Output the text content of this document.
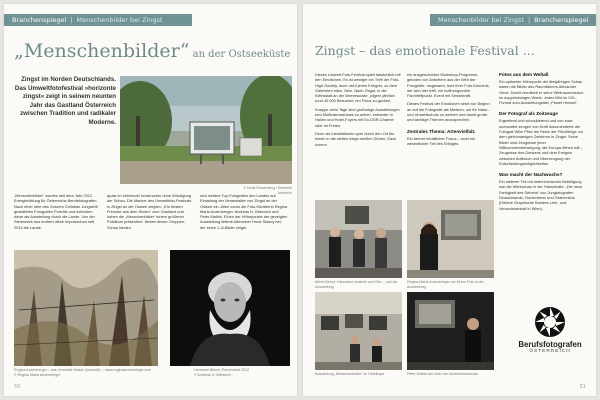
Branchenspiegel | Menschenbilder bei Zingst
„Menschenbilder“ an der Ostseeküste
Zingst im Norden Deutschlands. Das Umweltfotofestival »horizonte zingst« zeigt in seinem neunten Jahr das Gastland Österreich zwischen Tradition und radikaler Moderne.
© Horst Riesenberg / Diethelm Jemerich
„Menschenbilder“ wurden seit dem Jahr 2012 Energiebildung für Österreichs Berufsfotografen. Nach einer Idee des Grazers Christian Jungwirth gestalteten Fotografen Porträts und schickten diese als Ausstellung durch die Lande. Von der Steiermark aus erobert diese Impulsschau seit 2014 die Lande,
quasi en strichmaß Innsbrucker ohne Würdigung der Schau. Die Macher des Umweltfoto-Festivals in Zingst an der Ostsee zeigten: „Ein besten Freunde aus dem Süden“ zum Gastland und haben die „Menschenbilder“ einem größeren Publikum präsentiert. Neben dieser Gruppen-Schau fanden
sich weitere Top-Fotografen des Landes auf Einladung der Veranstalter von Zingst an der Ostsee ein. Allen voran die Foto-Künstlerin Regina Maria Anzenberger, Andreas H. Bitesnich und Peter Mathis. Einen der Höhepunkte der gezeigten Ausstellung lieferte Altmeister Horst Stasny bei, der seine 1–8-Bilder zeigte.
Regina Anzenberger – aus »Invisible Waste (Umwelt)« – www.reginaanzenberger.com
© Regina Maria Anzenberger
Hermann Nitsch, Prinzendorf 2012
© Andreas H. Bitesnich
50
Menschenbilder bei Zingst | Branchenspiegel
Zingst – das emotionale Festival ...

Dieses Umwelt-Foto-Festival spielt tatsächlich mit den Emotionen. Es ist weniger ein Treff der Foto-High-Society, auch nicht jenes Ereignis, zu dem Galeristen eilen. Nein. Nach Zingst, in die Kleinstadt an der Meeresküste, pilgern jährlich rund 40.000 Besucher, um Fotos zu gucken.

Knappe zehn Tage sind großartige Ausstellungen und Multivisionsshows zu sehen, entweder in Hallen und Hotel-Foyers mit Ex-DDR-Charme oder im Freien.

Denn als Installationen quer durch den Ort bis hinein in die weiten beige-weißen Dünen. Dazu kommt

ein ausgeschuldes Workshop-Programm, geboten von Anbietern aus der Welt der Fotografie. Insgesamt, trotz ihrer Foto-Kenntnis, der sich hier trifft, ein hoffnungsvoller Fachtreffpunkt. Event mit Sendekraft.

Dieses Festival der Emotionen setzt von Beginn an auf die Fotografie als Medium, um für Natur- und Umweltschutz zu werben und damit große und wichtige Themen anzusprechen.

Zentrales Thema: Artenvielfalt.

Ein kleiner inhaltlicher Fokus – wohl ein wesentlicher Teil des Erfolges.

Fotos aus dem Weltall

Ein optischer Höhepunkt der diesjährigen Schau waren die Bilder des Raumfahrers Alexander Gerst. Damit vermittelt er seine Weltraummission im doppelsinnigen Worte. Jedes Bild im XXL-Format zum Ausstellungstitel „Planet Heimat“.

Der Fotograf als Zeitzeuge

Ergreifend und schockierend und von zwar unerwartet zeugen von Kraft dokumentierte der Fotograf Wilm Pfisz die Reise der Flüchtlinge vor dem gleichnamigen Zeitstrom in Zingst. Seine Bilder sind Zeugnisse jener Willkommensbewegung, die Europa öffnen will – Zeugnisse des Denkens und dem Ereignis zwischen Aufbruch und Überzeugung der Entscheidungsmöglichkeiten.

Was macht der Nachwuchs?

Ein weiterer Teil mit österreichischer Beteiligung war die Werkschau in der Hansehalle: „Die neue Farbigkeit des Sehens“ von Jungfotografen Deutschlands, Tschechiens und Österreichs (Höhere Graphische Bundes-Lehr- und Versuchsanstalt in Wien).

Alfred Bernd, Hannelore Anderle und Otto ... auf der Ausstellung
Regina Maria Anzenberger vor ihrem Foto in der Ausstellung
Ausstellung „Menschenbilder“ im Hotelfoyer	Peter Mathis bei einer der Multivisionsshows
Berufsfotografen
ÖSTERREICH
51
